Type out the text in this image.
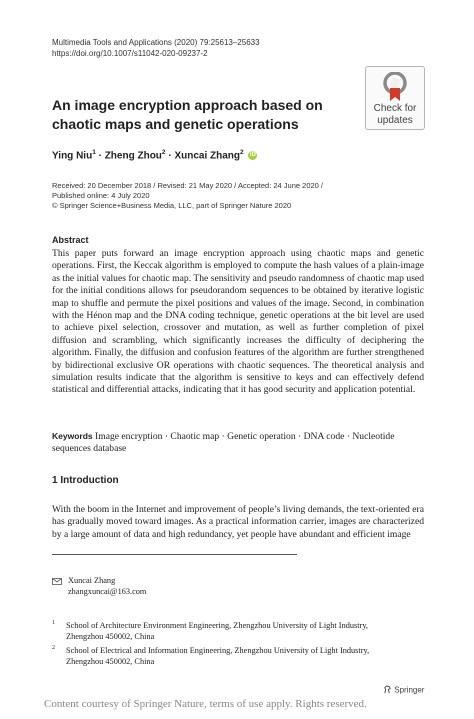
Multimedia Tools and Applications (2020) 79:25613–25633
https://doi.org/10.1007/s11042-020-09237-2
Check for
updates
An image encryption approach based on chaotic maps and genetic operations
Ying Niu$^1$ · Zheng Zhou$^2$ · Xuncai Zhang$^2$ iD
Received: 20 December 2018 / Revised: 21 May 2020 / Accepted: 24 June 2020 /
Published online: 4 July 2020
© Springer Science+Business Media, LLC, part of Springer Nature 2020
Abstract
This paper puts forward an image encryption approach using chaotic maps and genetic operations. First, the Keccak algorithm is employed to compute the hash values of a plain-image as the initial values for chaotic map. The sensitivity and pseudo randomness of chaotic map used for the initial conditions allows for pseudorandom sequences to be obtained by iterative logistic map to shuffle and permute the pixel positions and values of the image. Second, in combination with the Hénon map and the DNA coding technique, genetic operations at the bit level are used to achieve pixel selection, crossover and mutation, as well as further completion of pixel diffusion and scrambling, which significantly increases the difficulty of deciphering the algorithm. Finally, the diffusion and confusion features of the algorithm are further strengthened by bidirectional exclusive OR operations with chaotic sequences. The theoretical analysis and simulation results indicate that the algorithm is sensitive to keys and can effectively defend statistical and differential attacks, indicating that it has good security and application potential.
Keywords Image encryption · Chaotic map · Genetic operation · DNA code · Nucleotide sequences database
1 Introduction
With the boom in the Internet and improvement of people’s living demands, the text-oriented era has gradually moved toward images. As a practical information carrier, images are characterized by a large amount of data and high redundancy, yet people have abundant and efficient image
Xuncai Zhang
zhangxuncai@163.com
1	School of Architecture Environment Engineering, Zhengzhou University of Light Industry,
Zhengzhou 450002, China
2	School of Electrical and Information Engineering, Zhengzhou University of Light Industry,
Zhengzhou 450002, China
Springer
Content courtesy of Springer Nature, terms of use apply. Rights reserved.
